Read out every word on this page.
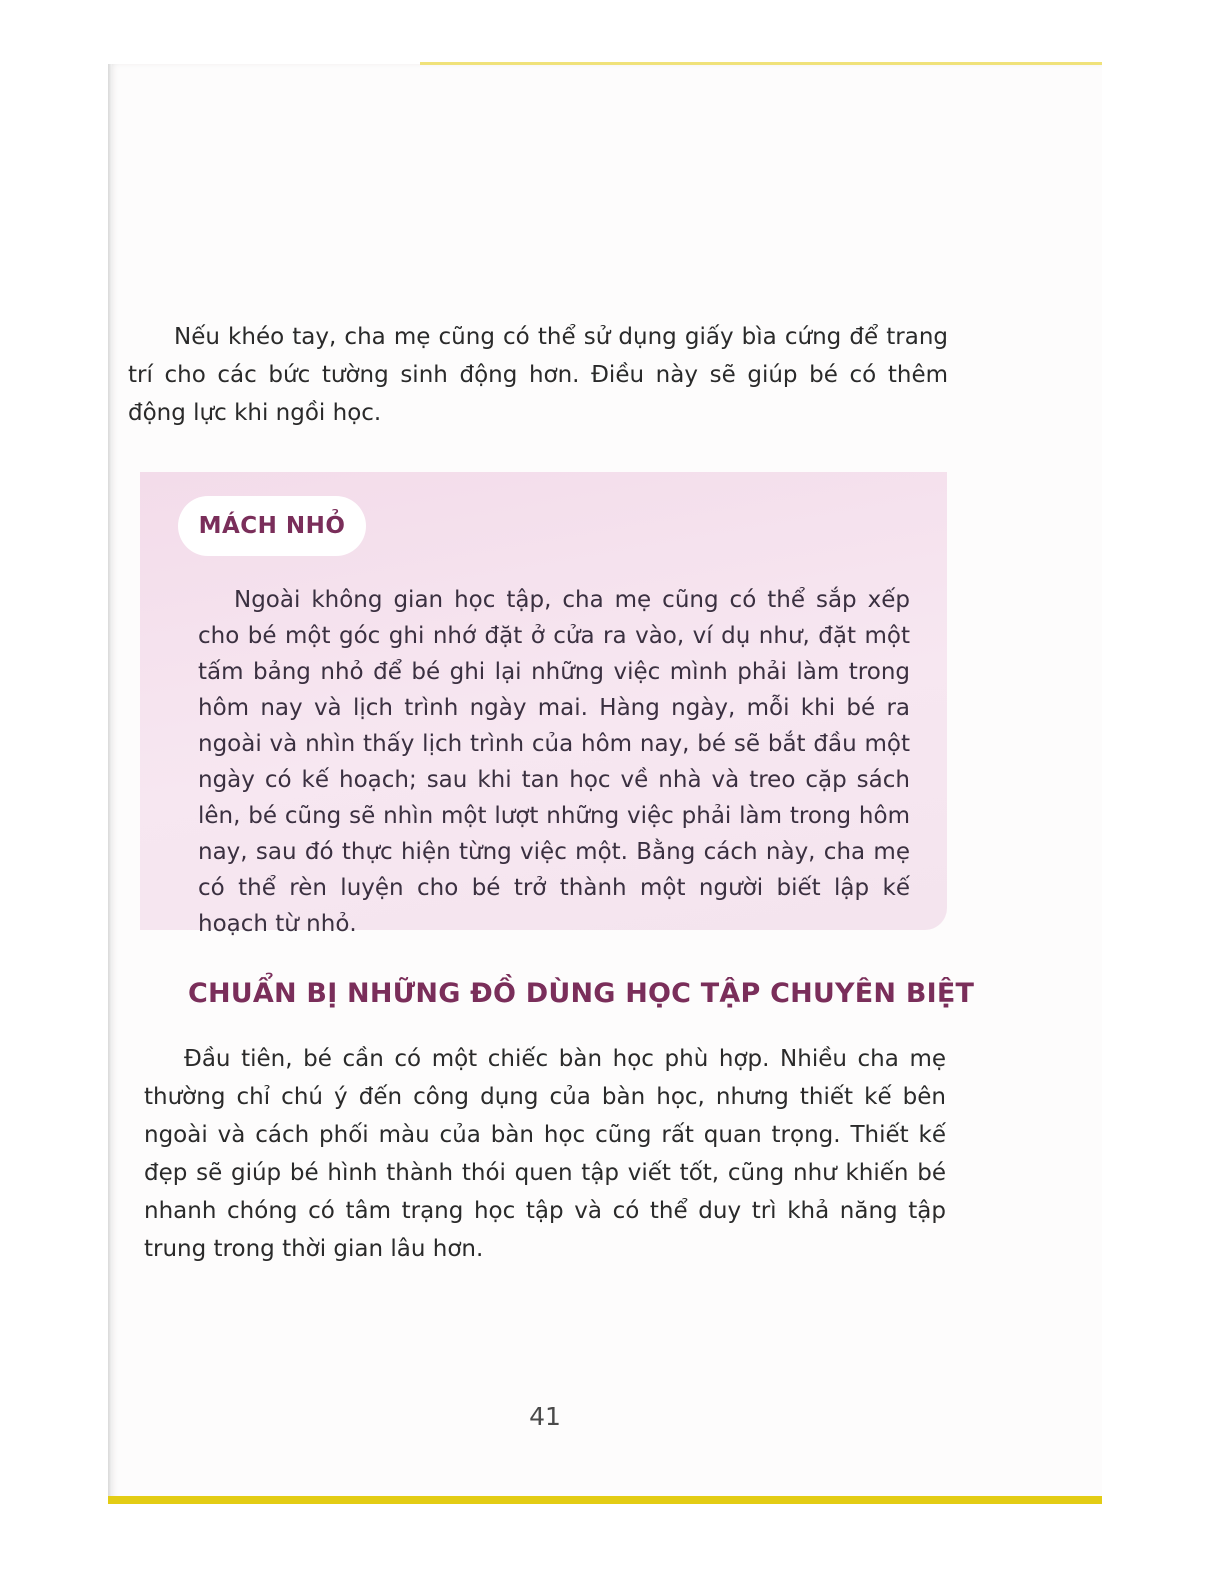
Nếu khéo tay, cha mẹ cũng có thể sử dụng giấy bìa cứng để trang trí cho các bức tường sinh động hơn. Điều này sẽ giúp bé có thêm động lực khi ngồi học.

MÁCH NHỎ

Ngoài không gian học tập, cha mẹ cũng có thể sắp xếp cho bé một góc ghi nhớ đặt ở cửa ra vào, ví dụ như, đặt một tấm bảng nhỏ để bé ghi lại những việc mình phải làm trong hôm nay và lịch trình ngày mai. Hàng ngày, mỗi khi bé ra ngoài và nhìn thấy lịch trình của hôm nay, bé sẽ bắt đầu một ngày có kế hoạch; sau khi tan học về nhà và treo cặp sách lên, bé cũng sẽ nhìn một lượt những việc phải làm trong hôm nay, sau đó thực hiện từng việc một. Bằng cách này, cha mẹ có thể rèn luyện cho bé trở thành một người biết lập kế hoạch từ nhỏ.

CHUẨN BỊ NHỮNG ĐỒ DÙNG HỌC TẬP CHUYÊN BIỆT

Đầu tiên, bé cần có một chiếc bàn học phù hợp. Nhiều cha mẹ thường chỉ chú ý đến công dụng của bàn học, nhưng thiết kế bên ngoài và cách phối màu của bàn học cũng rất quan trọng. Thiết kế đẹp sẽ giúp bé hình thành thói quen tập viết tốt, cũng như khiến bé nhanh chóng có tâm trạng học tập và có thể duy trì khả năng tập trung trong thời gian lâu hơn.

41
